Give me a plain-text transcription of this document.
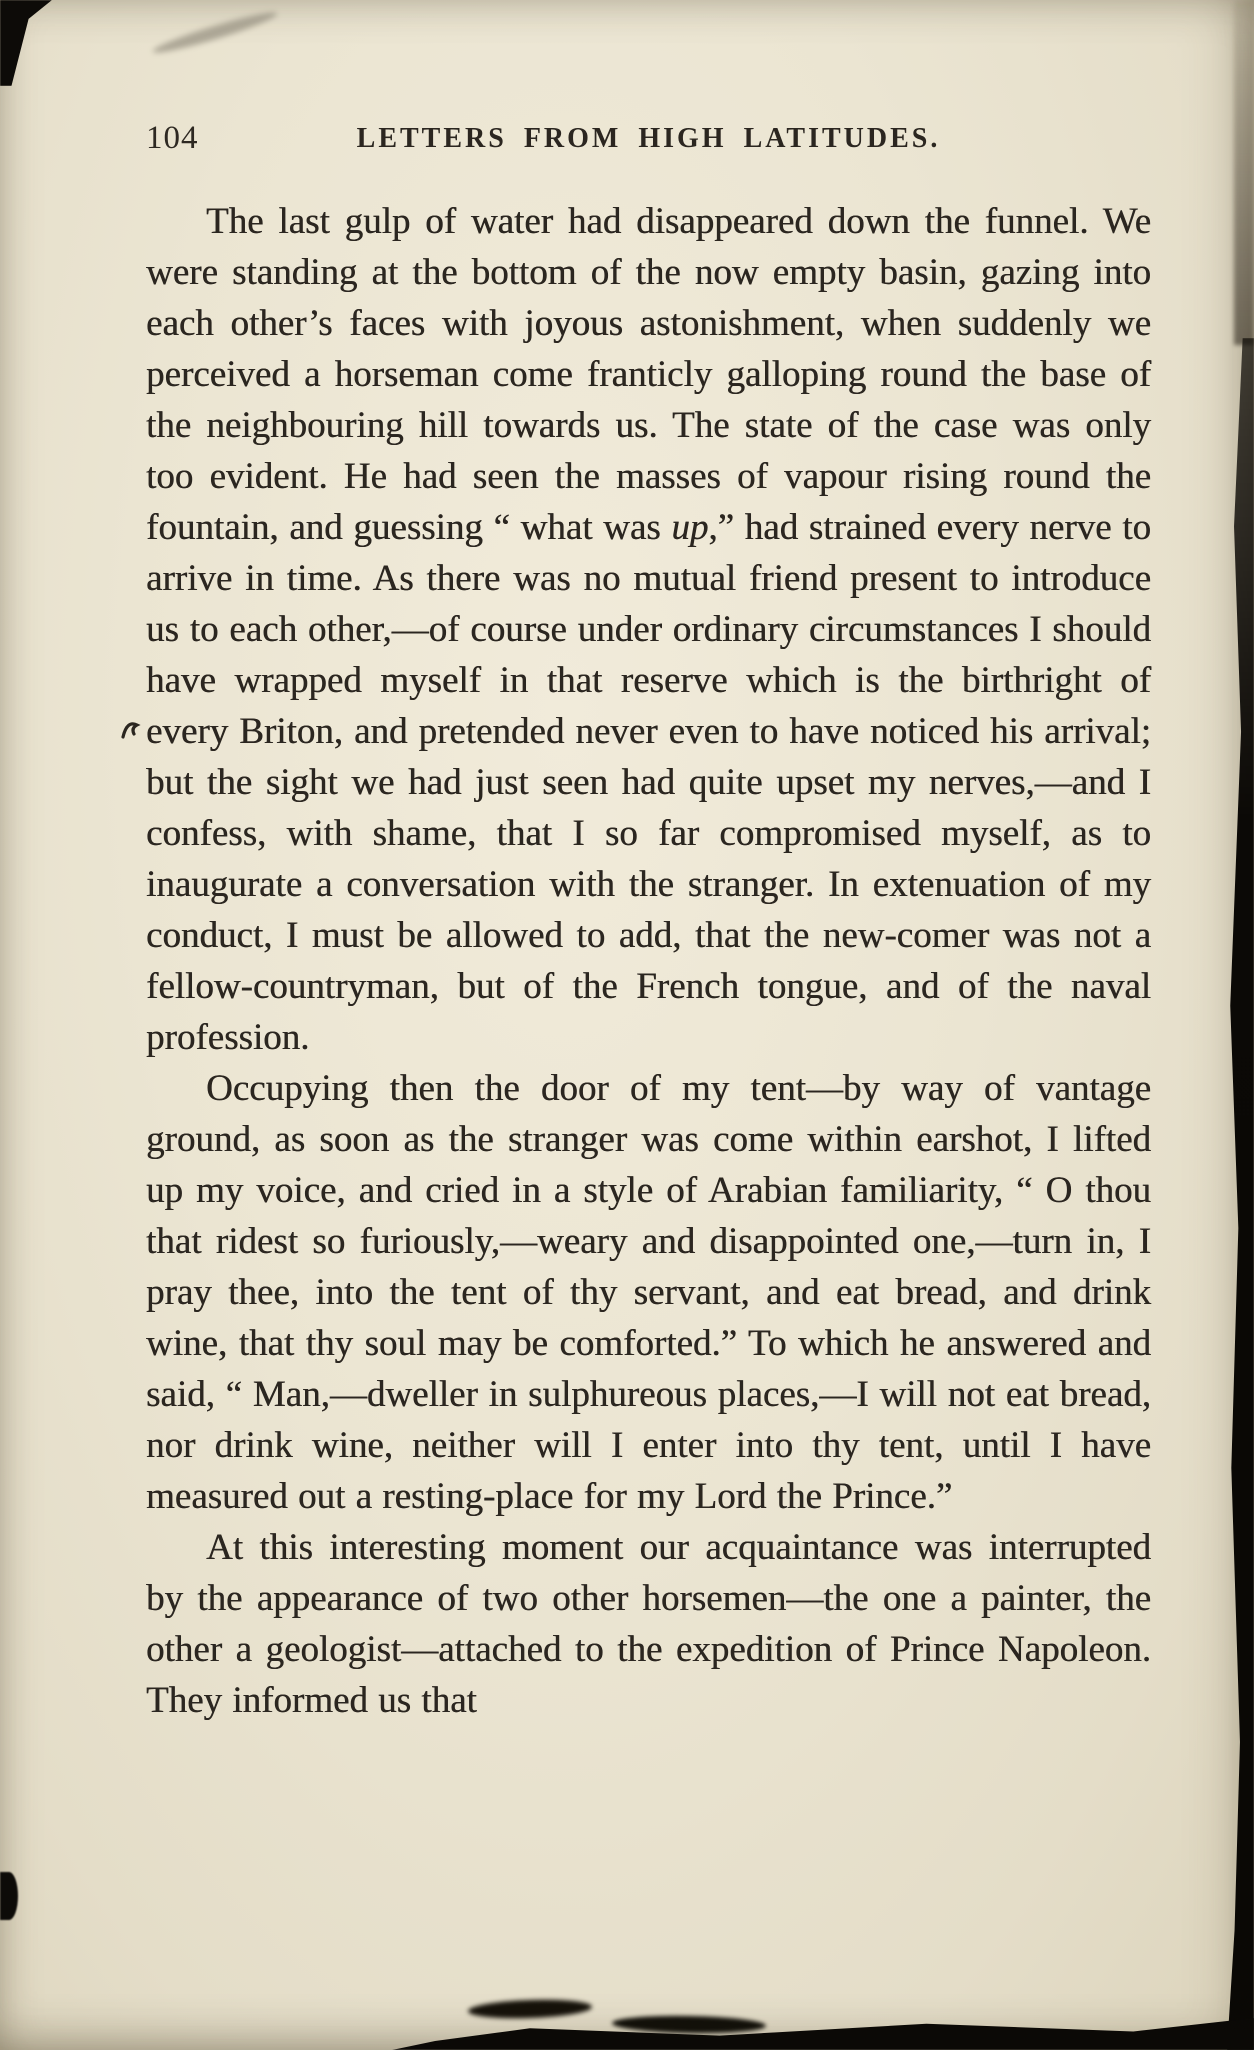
104	LETTERS FROM HIGH LATITUDES.

The last gulp of water had disappeared down the funnel. We were standing at the bottom of the now empty basin, gazing into each other’s faces with joyous astonishment, when suddenly we perceived a horseman come franticly galloping round the base of the neighbouring hill towards us. The state of the case was only too evident. He had seen the masses of vapour rising round the fountain, and guessing “ what was up,” had strained every nerve to arrive in time. As there was no mutual friend present to introduce us to each other,—of course under ordinary circumstances I should have wrapped myself in that reserve which is the birthright of every Briton, and pretended never even to have noticed his arrival; but the sight we had just seen had quite upset my nerves,—and I confess, with shame, that I so far compromised myself, as to inaugurate a conversation with the stranger. In extenuation of my conduct, I must be allowed to add, that the new-comer was not a fellow-countryman, but of the French tongue, and of the naval profession.

Occupying then the door of my tent—by way of vantage ground, as soon as the stranger was come within earshot, I lifted up my voice, and cried in a style of Arabian familiarity, “ O thou that ridest so furiously,—weary and disappointed one,—turn in, I pray thee, into the tent of thy servant, and eat bread, and drink wine, that thy soul may be comforted.” To which he answered and said, “ Man,—dweller in sulphureous places,—I will not eat bread, nor drink wine, neither will I enter into thy tent, until I have measured out a resting-place for my Lord the Prince.”

At this interesting moment our acquaintance was interrupted by the appearance of two other horsemen—the one a painter, the other a geologist—attached to the expedition of Prince Napoleon. They informed us that
